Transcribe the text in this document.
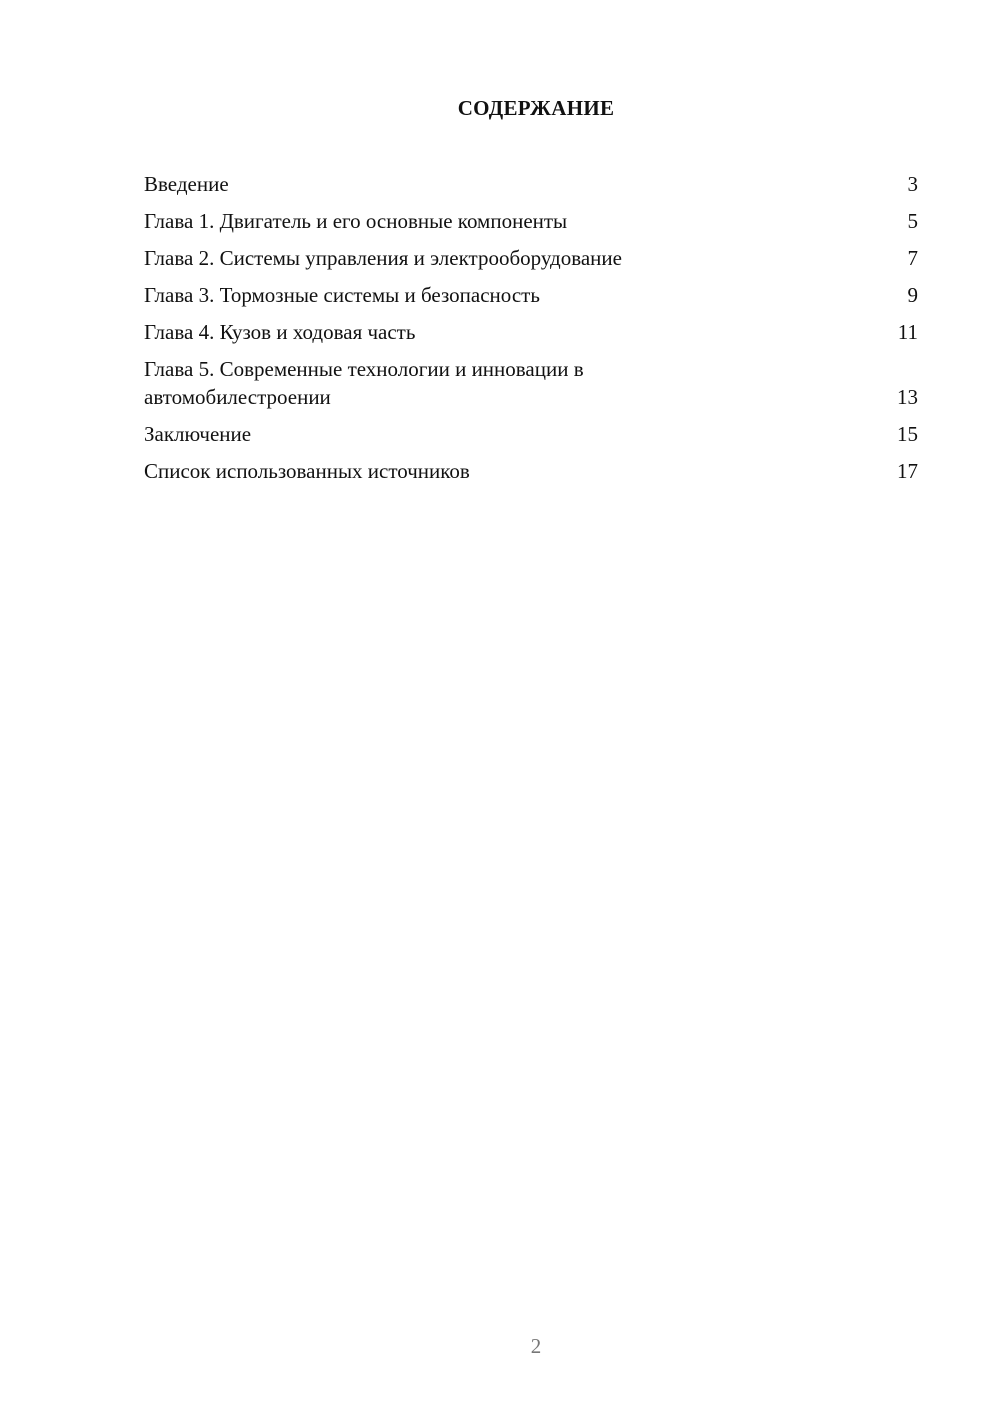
СОДЕРЖАНИЕ
Введение	3
Глава 1. Двигатель и его основные компоненты	5
Глава 2. Системы управления и электрооборудование	7
Глава 3. Тормозные системы и безопасность	9
Глава 4. Кузов и ходовая часть	11
Глава 5. Современные технологии и инновации в автомобилестроении	13
Заключение	15
Список использованных источников	17
2
